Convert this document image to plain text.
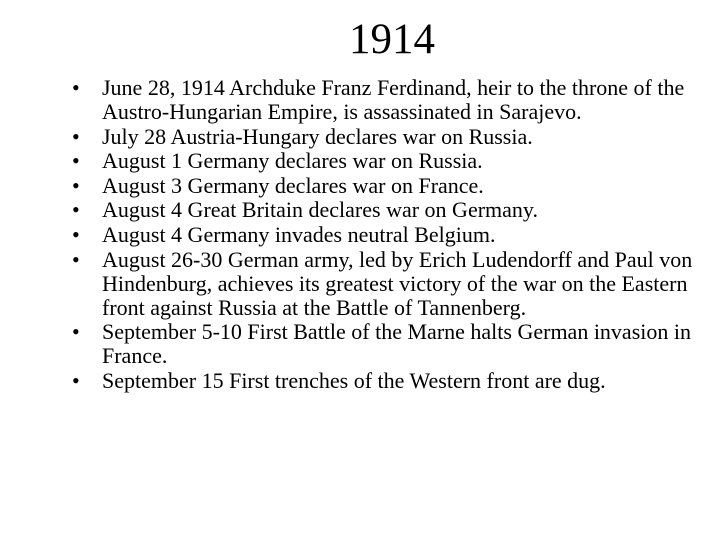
1914
•	June 28, 1914 Archduke Franz Ferdinand, heir to the throne of the Austro-Hungarian Empire, is assassinated in Sarajevo.
•	July 28 Austria-Hungary declares war on Russia.
•	August 1 Germany declares war on Russia.
•	August 3 Germany declares war on France.
•	August 4 Great Britain declares war on Germany.
•	August 4 Germany invades neutral Belgium.
•	August 26-30 German army, led by Erich Ludendorff and Paul von Hindenburg, achieves its greatest victory of the war on the Eastern front against Russia at the Battle of Tannenberg.
•	September 5-10 First Battle of the Marne halts German invasion in France.
•	September 15 First trenches of the Western front are dug.
